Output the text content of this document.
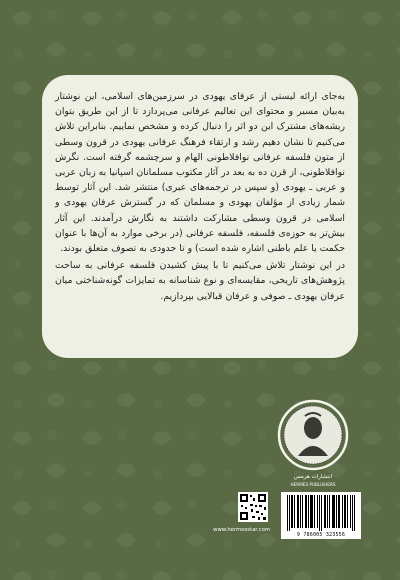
به‌جای ارائه لیستی از عرفای یهودی در سرزمین‌های اسلامی، این نوشتار به‌بیان مسیر و محتوای این تعالیم عرفانی می‌پردازد تا از این طریق بتوان ریشه‌های مشترک این دو اثر را دنبال کرده و مشخص نماییم. بنابراین تلاش می‌کنیم تا نشان دهیم رشد و ارتقاء فرهنگ عرفانی یهودی در قرون وسطی از متون فلسفه عرفانی نوافلاطونی الهام و سرچشمه گرفته است. نگرش نوافلاطونی، از قرن ده به بعد در آثار مکتوب مسلمانان اسپانیا به زبان عربی و عربی ـ یهودی (و سپس در ترجمه‌های عبری) منتشر شد. این آثار توسط شمار زیادی از مؤلفان یهودی و مسلمان که در گسترش عرفان یهودی و اسلامی در قرون وسطی مشارکت داشتند به نگارش درآمدند. این آثار بیش‌تر به حوزه‌ی فلسفه، فلسفه عرفانی (در برخی موارد به آن‌ها با عنوان حکمت یا علم باطنی اشاره شده است) و تا حدودی به تصوف متعلق بودند.

در این نوشتار تلاش می‌کنیم تا با پیش کشیدن فلسفه عرفانی به ساحت پژوهش‌های تاریخی، مقایسه‌ای و نوع شناسانه به تمایزات گونه‌شناختی میان عرفان یهودی ـ صوفی و عرفان قبالایی بپردازیم.

انتشارات هرمس
HERMES PUBLISHERS
www.hermesstar.com
9 786005 323556
